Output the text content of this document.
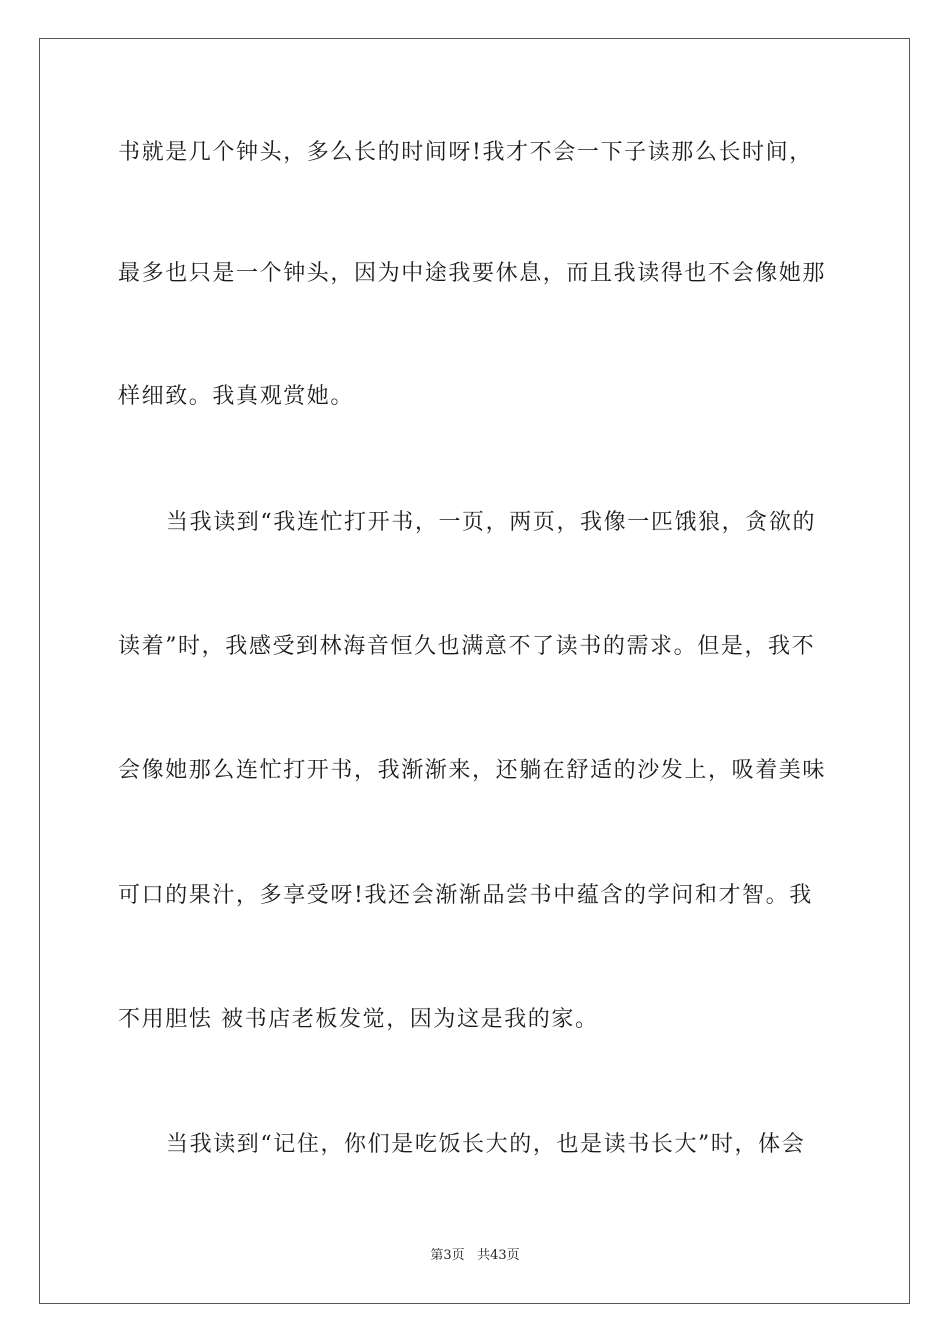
书就是几个钟头，多么长的时间呀!我才不会一下子读那么长时间，
最多也只是一个钟头，因为中途我要休息，而且我读得也不会像她那
样细致。我真观赏她。
当我读到“我连忙打开书，一页，两页，我像一匹饿狼，贪欲的
读着”时，我感受到林海音恒久也满意不了读书的需求。但是，我不
会像她那么连忙打开书，我渐渐来，还躺在舒适的沙发上，吸着美味
可口的果汁，多享受呀!我还会渐渐品尝书中蕴含的学问和才智。我
不用胆怯 被书店老板发觉，因为这是我的家。
当我读到“记住，你们是吃饭长大的，也是读书长大”时，体会
第3页 共43页
